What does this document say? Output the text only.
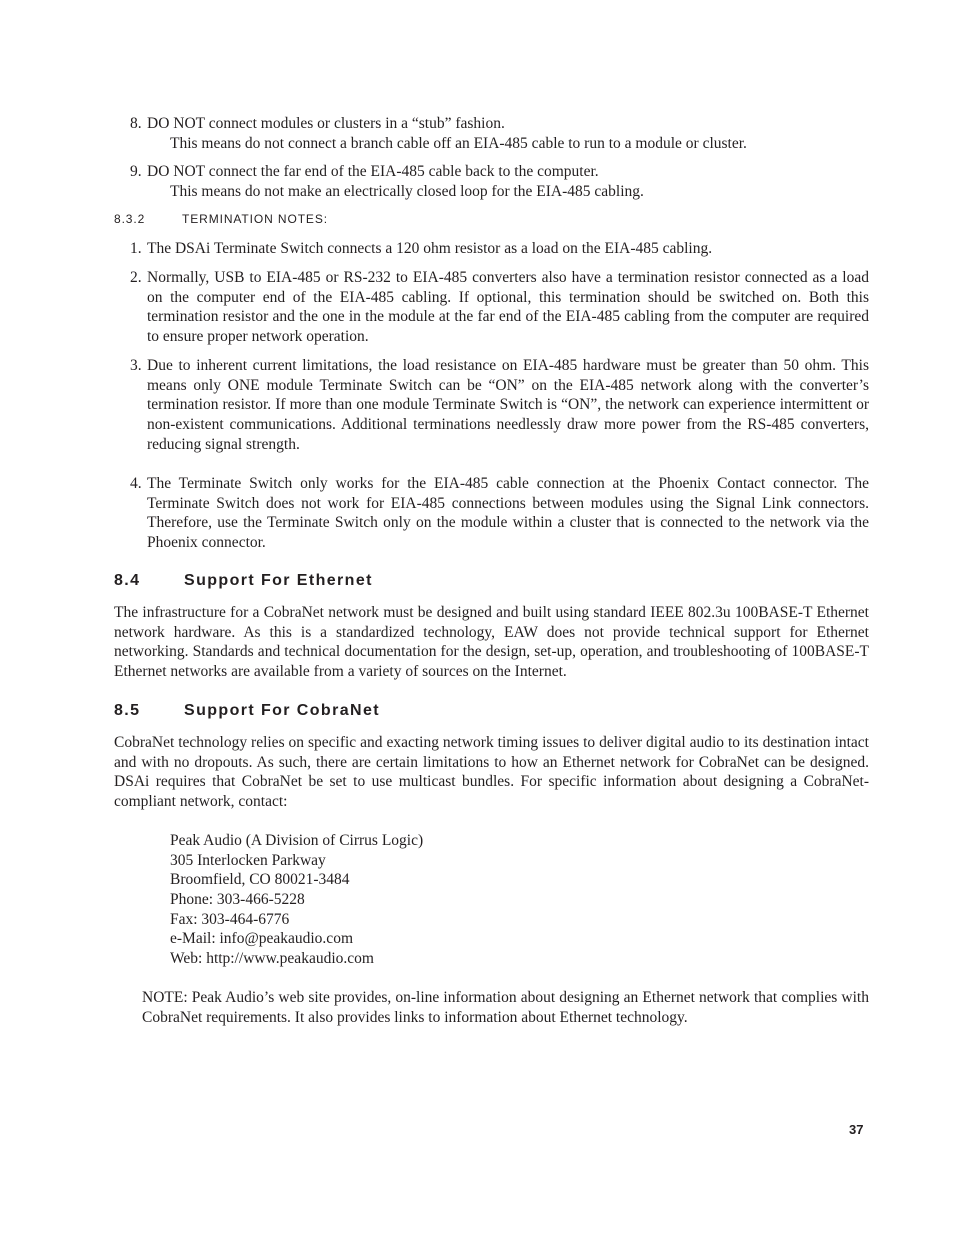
8. DO NOT connect modules or clusters in a “stub” fashion.
This means do not connect a branch cable off an EIA-485 cable to run to a module or cluster.
9. DO NOT connect the far end of the EIA-485 cable back to the computer.
This means do not make an electrically closed loop for the EIA-485 cabling.
8.3.2	TERMINATION NOTES:
1. The DSAi Terminate Switch connects a 120 ohm resistor as a load on the EIA-485 cabling.
2. Normally, USB to EIA-485 or RS-232 to EIA-485 converters also have a termination resistor connected as a load on the computer end of the EIA-485 cabling. If optional, this termination should be switched on. Both this termination resistor and the one in the module at the far end of the EIA-485 cabling from the computer are required to ensure proper network operation.
3. Due to inherent current limitations, the load resistance on EIA-485 hardware must be greater than 50 ohm. This means only ONE module Terminate Switch can be “ON” on the EIA-485 network along with the converter’s termination resistor. If more than one module Terminate Switch is “ON”, the network can experience intermittent or non-existent communications. Additional terminations needlessly draw more power from the RS-485 converters, reducing signal strength.
4. The Terminate Switch only works for the EIA-485 cable connection at the Phoenix Contact connector. The Terminate Switch does not work for EIA-485 connections between modules using the Signal Link connectors. Therefore, use the Terminate Switch only on the module within a cluster that is connected to the network via the Phoenix connector.
8.4	Support For Ethernet
The infrastructure for a CobraNet network must be designed and built using standard IEEE 802.3u 100BASE-T Ethernet network hardware. As this is a standardized technology, EAW does not provide technical support for Ethernet networking. Standards and technical documentation for the design, set-up, operation, and troubleshooting of 100BASE-T Ethernet networks are available from a variety of sources on the Internet.
8.5	Support For CobraNet
CobraNet technology relies on specific and exacting network timing issues to deliver digital audio to its destination intact and with no dropouts. As such, there are certain limitations to how an Ethernet network for CobraNet can be designed. DSAi requires that CobraNet be set to use multicast bundles. For specific information about designing a CobraNet-compliant network, contact:
Peak Audio (A Division of Cirrus Logic)
305 Interlocken Parkway
Broomfield, CO 80021-3484
Phone: 303-466-5228
Fax: 303-464-6776
e-Mail: info@peakaudio.com
Web: http://www.peakaudio.com
NOTE: Peak Audio’s web site provides, on-line information about designing an Ethernet network that complies with CobraNet requirements. It also provides links to information about Ethernet technology.
37
